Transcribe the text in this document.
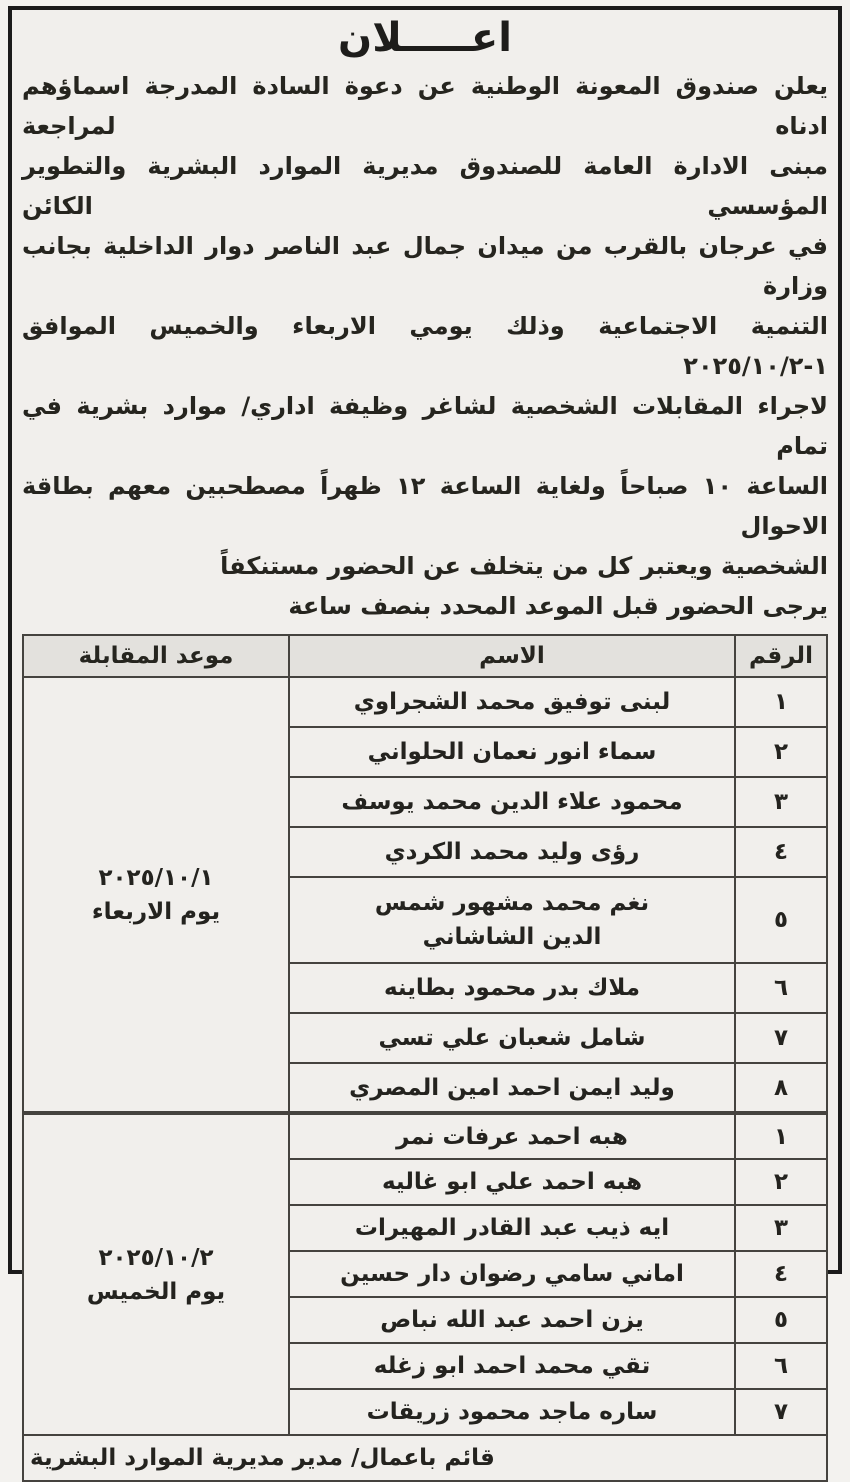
اعـــــلان
يعلن صندوق المعونة الوطنية عن دعوة السادة المدرجة اسماؤهم ادناه لمراجعة
مبنى الادارة العامة للصندوق مديرية الموارد البشرية والتطوير المؤسسي الكائن
في عرجان بالقرب من ميدان جمال عبد الناصر دوار الداخلية بجانب وزارة
التنمية الاجتماعية وذلك يومي الاربعاء والخميس الموافق ١-٢٠٢٥/١٠/٢
لاجراء المقابلات الشخصية لشاغر وظيفة اداري/ موارد بشرية في تمام
الساعة ١٠ صباحاً ولغاية الساعة ١٢ ظهراً مصطحبين معهم بطاقة الاحوال
الشخصية ويعتبر كل من يتخلف عن الحضور مستنكفاً
يرجى الحضور قبل الموعد المحدد بنصف ساعة
الرقم	الاسم	موعد المقابلة
١	لبنى توفيق محمد الشجراوي	٢٠٢٥/١٠/١
يوم الاربعاء

٢	سماء انور نعمان الحلواني	
٣	محمود علاء الدين محمد يوسف	
٤	رؤى وليد محمد الكردي	
٥	نغم محمد مشهور شمس الدين الشاشاني	
٦	ملاك بدر محمود بطاينه	
٧	شامل شعبان علي تسي	
٨	وليد ايمن احمد امين المصري	
١	هبه احمد عرفات نمر	٢٠٢٥/١٠/٢
يوم الخميس

٢	هبه احمد علي ابو غاليه	
٣	ايه ذيب عبد القادر المهيرات	
٤	اماني سامي رضوان دار حسين	
٥	يزن احمد عبد الله نباص	
٦	تقي محمد احمد ابو زغله	
٧	ساره ماجد محمود زريقات	
قائم باعمال/ مدير مديرية الموارد البشرية		
